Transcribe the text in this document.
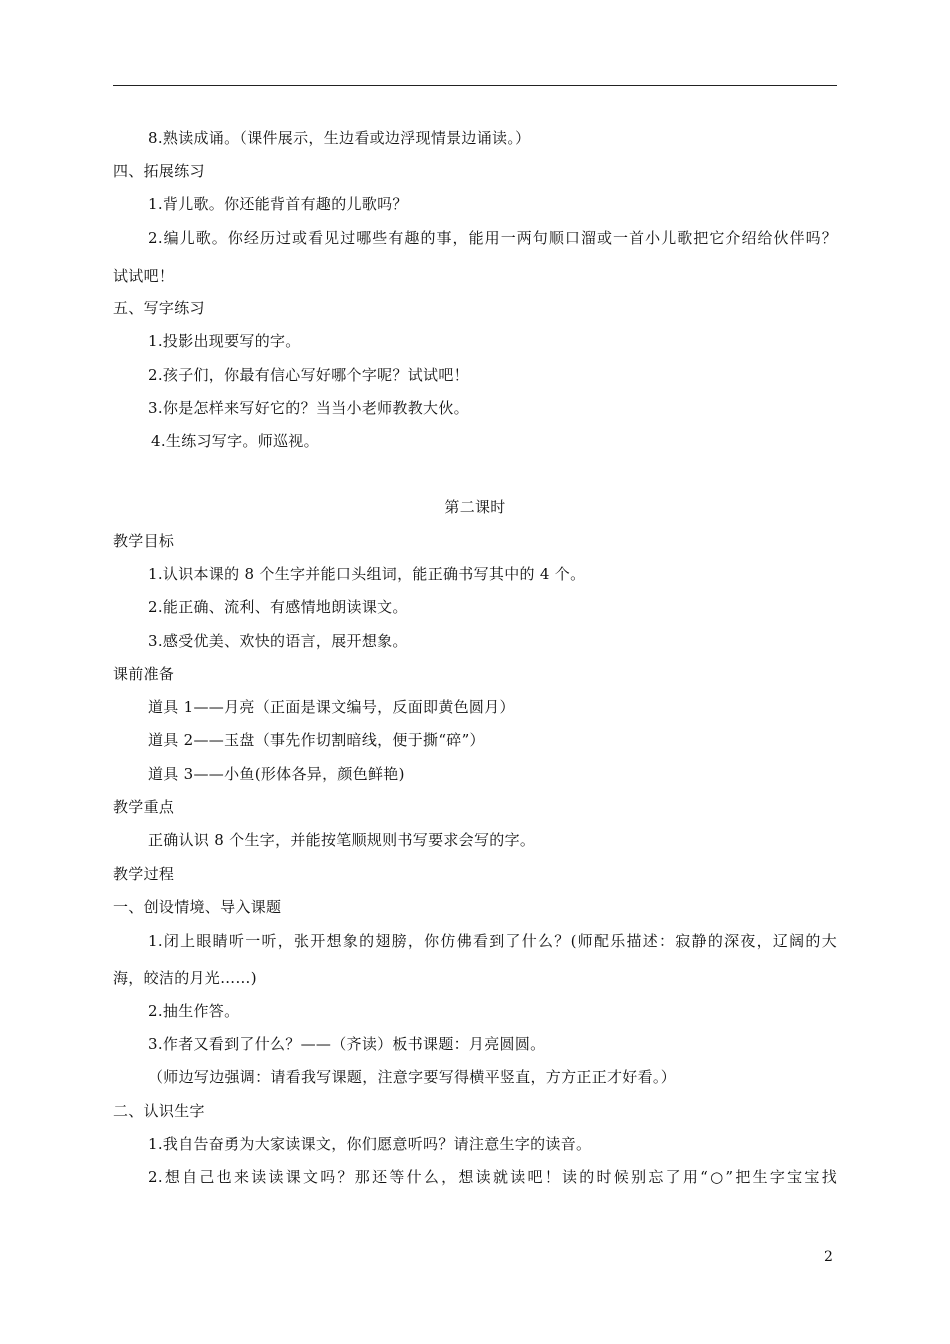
8.熟读成诵。（课件展示，生边看或边浮现情景边诵读。）
四、拓展练习
1.背儿歌。你还能背首有趣的儿歌吗？
2.编儿歌。你经历过或看见过哪些有趣的事，能用一两句顺口溜或一首小儿歌把它介绍给伙伴吗？
试试吧！
五、写字练习
1.投影出现要写的字。
2.孩子们，你最有信心写好哪个字呢？试试吧！
3.你是怎样来写好它的？当当小老师教教大伙。
4.生练习写字。师巡视。
第二课时
教学目标
1.认识本课的 8 个生字并能口头组词，能正确书写其中的 4 个。
2.能正确、流利、有感情地朗读课文。
3.感受优美、欢快的语言，展开想象。
课前准备
道具 1——月亮（正面是课文编号，反面即黄色圆月）
道具 2——玉盘（事先作切割暗线，便于撕“碎”）
道具 3——小鱼(形体各异，颜色鲜艳)
教学重点
正确认识 8 个生字，并能按笔顺规则书写要求会写的字。
教学过程
一、创设情境、导入课题
1.闭上眼睛听一听，张开想象的翅膀，你仿佛看到了什么？(师配乐描述：寂静的深夜，辽阔的大
海，皎洁的月光……)
2.抽生作答。
3.作者又看到了什么？——（齐读）板书课题：月亮圆圆。
（师边写边强调：请看我写课题，注意字要写得横平竖直，方方正正才好看。）
二、认识生字
1.我自告奋勇为大家读课文，你们愿意听吗？请注意生字的读音。
2.想自己也来读读课文吗？那还等什么，想读就读吧！读的时候别忘了用“○”把生字宝宝找
2
